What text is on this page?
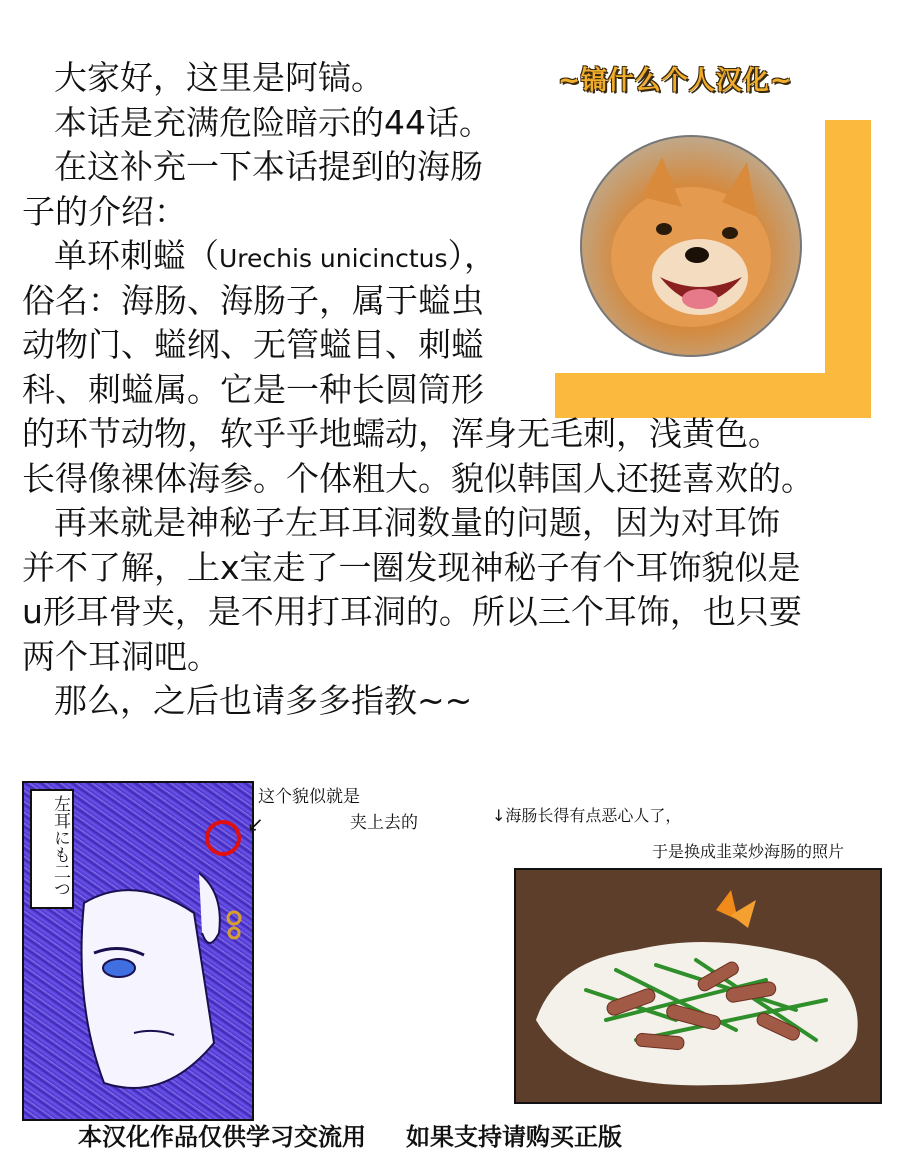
~镐什么个人汉化~
大家好，这里是阿镐。
本话是充满危险暗示的44话。
在这补充一下本话提到的海肠
子的介绍：
单环刺螠（Urechis unicinctus），
俗名：海肠、海肠子，属于螠虫
动物门、螠纲、无管螠目、刺螠
科、刺螠属。它是一种长圆筒形
的环节动物，软乎乎地蠕动，浑身无毛刺，浅黄色。
长得像裸体海参。个体粗大。貌似韩国人还挺喜欢的。
再来就是神秘子左耳耳洞数量的问题，因为对耳饰
并不了解，上x宝走了一圈发现神秘子有个耳饰貌似是
u形耳骨夹，是不用打耳洞的。所以三个耳饰，也只要
两个耳洞吧。
那么，之后也请多多指教~~
左耳にも二つ	↙
这个貌似就是
夹上去的	↓海肠长得有点恶心人了，
于是换成韭菜炒海肠的照片
本汉化作品仅供学习交流用 如果支持请购买正版
